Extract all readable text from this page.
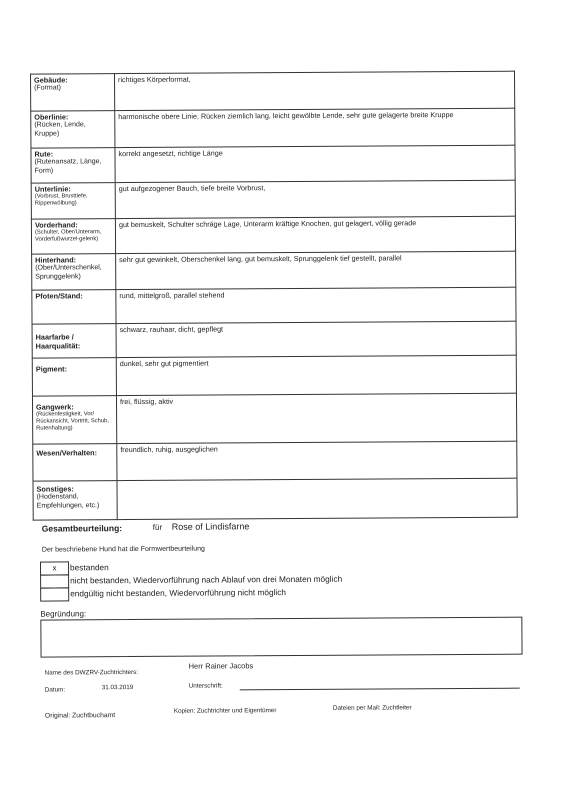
Gebäude:
(Format)	richtiges Körperformat,

Oberlinie:
(Rücken, Lende, Kruppe)	harmonische obere Linie, Rücken ziemlich lang, leicht gewölbte Lende, sehr gute gelagerte breite Kruppe

Rute:
(Rutenansatz, Länge, Form)	korrekt angesetzt, richtige Länge

Unterlinie:
(Vorbrust, Brusttiefe, Rippenwölbung)	gut aufgezogener Bauch, tiefe breite Vorbrust,

Vorderhand:
(Schulter, Ober/Unterarm, Vorderfußwurzel-gelenk)	gut bemuskelt, Schulter schräge Lage, Unterarm kräftige Knochen, gut gelagert, völlig gerade

Hinterhand:
(Ober/Unterschenkel, Sprunggelenk)	sehr gut gewinkelt, Oberschenkel lang, gut bemuskelt, Sprunggelenk tief gestellt, parallel

Pfoten/Stand:	rund, mittelgroß, parallel stehend

Haarfarbe / Haarqualität:	schwarz, rauhaar, dicht, gepflegt

Pigment:	dunkel, sehr gut pigmentiert

Gangwerk:
(Rückenfestigkeit, Vor/ Rückansicht, Vortritt, Schub, Rutenhaltung)	frei, flüssig, aktiv

Wesen/Verhalten:	freundlich, ruhig, ausgeglichen

Sonstiges:
(Hodenstand, Empfehlungen, etc.)	

Gesamtbeurteilung:	für Rose of Lindisfarne
Der beschriebene Hund hat die Formwertbeurteilung
x	bestanden
nicht bestanden, Wiedervorführung nach Ablauf von drei Monaten möglich
endgültig nicht bestanden, Wiedervorführung nicht möglich
Begründung:
Name des DWZRV-Zuchtrichters:
Herr Rainer Jacobs
Datum:	31.03.2019	Unterschrift:
Original: Zuchtbuchamt
Kopien: Zuchtrichter und Eigentümer	Dateien per Mail: Zuchtleiter
